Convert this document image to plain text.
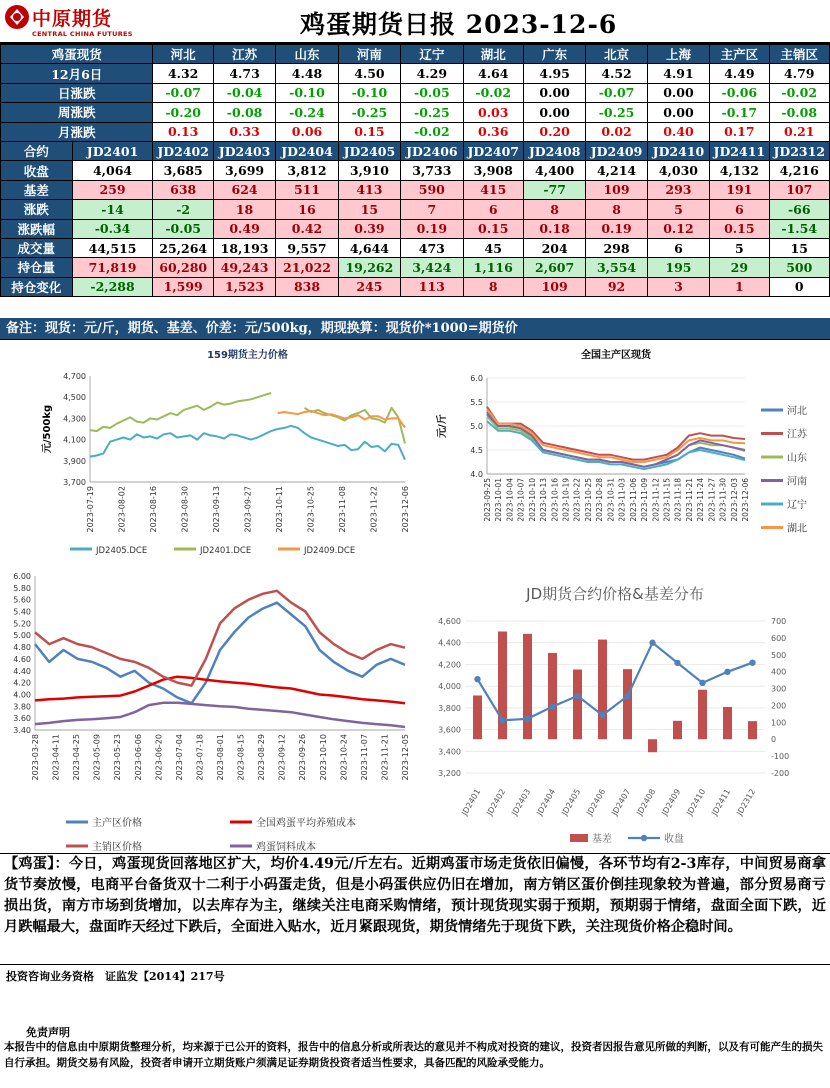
中原期货
CENTRAL CHINA FUTURES	鸡蛋期货日报 2023-12-6
鸡蛋现货		河北	江苏	山东	河南	辽宁	湖北	广东	北京	上海	主产区	主销区
12月6日		4.32	4.73	4.48	4.50	4.29	4.64	4.95	4.52	4.91	4.49	4.79
日涨跌		-0.07	-0.04	-0.10	-0.10	-0.05	-0.02	0.00	-0.07	0.00	-0.06	-0.02
周涨跌		-0.20	-0.08	-0.24	-0.25	-0.25	0.03	0.00	-0.25	0.00	-0.17	-0.08
月涨跌		0.13	0.33	0.06	0.15	-0.02	0.36	0.20	0.02	0.40	0.17	0.21
合约	JD2401	JD2402	JD2403	JD2404	JD2405	JD2406	JD2407	JD2408	JD2409	JD2410	JD2411	JD2312
收盘	4,064	3,685	3,699	3,812	3,910	3,733	3,908	4,400	4,214	4,030	4,132	4,216
基差	259	638	624	511	413	590	415	-77	109	293	191	107
涨跌	-14	-2	18	16	15	7	6	8	8	5	6	-66
涨跌幅	-0.34	-0.05	0.49	0.42	0.39	0.19	0.15	0.18	0.19	0.12	0.15	-1.54
成交量	44,515	25,264	18,193	9,557	4,644	473	45	204	298	6	5	15
持仓量	71,819	60,280	49,243	21,022	19,262	3,424	1,116	2,607	3,554	195	29	500
持仓变化	-2,288	1,599	1,523	838	245	113	8	109	92	3	1	0
备注：现货：元/斤，期货、基差、价差：元/500kg，期现换算：现货价*1000=期货价
159期货主力价格
3,700
3,900
4,100
4,300
4,500
4,700
元/500kg
2023-07-19	2023-08-02	2023-08-16	2023-08-30	2023-09-13	2023-09-27	2023-10-11	2023-10-25	2023-11-08	2023-11-22	2023-12-06
JD2405.DCE	JD2401.DCE	JD2409.DCE
全国主产区现货
4.0
4.5
5.0
5.5
6.0
元/斤
2023-09-25 2023-10-01 2023-10-04 2023-10-07 2023-10-10 2023-10-13 2023-10-16 2023-10-19 2023-10-22 2023-10-25 2023-10-28 2023-10-31 2023-11-03 2023-11-06 2023-11-09 2023-11-12 2023-11-15 2023-11-18 2023-11-21 2023-11-24 2023-11-27 2023-11-30 2023-12-03 2023-12-06
河北
江苏
山东
河南
辽宁
湖北
3.40
3.60
3.80
4.00
4.20
4.40
4.60
4.80
5.00
5.20
5.40
5.60
5.80
6.00
2023-03-28 2023-04-11 2023-04-25 2023-05-09 2023-05-23 2023-06-06 2023-06-20 2023-07-04 2023-07-18 2023-08-01 2023-08-15 2023-08-29 2023-09-12 2023-09-26 2023-10-10 2023-10-24 2023-11-07 2023-11-21 2023-12-05
主产区价格	全国鸡蛋平均养殖成本
主销区价格	鸡蛋饲料成本
JD期货合约价格&基差分布
3,200
3,400
3,600
3,800
4,000
4,200
4,400
4,600
-200
-100
0
100
200
300
400
500
600
700
JD2401 JD2402 JD2403 JD2404 JD2405 JD2406 JD2407 JD2408 JD2409 JD2410 JD2411 JD2312
基差	收盘
【鸡蛋】：今日，鸡蛋现货回落地区扩大，均价4.49元/斤左右。近期鸡蛋市场走货依旧偏慢，各环节均有2-3库存，中间贸易商拿货节奏放慢，电商平台备货双十二利于小码蛋走货，但是小码蛋供应仍旧在增加，南方销区蛋价倒挂现象较为普遍，部分贸易商亏损出货，南方市场到货增加，以去库存为主，继续关注电商采购情绪，预计现货现实弱于预期，预期弱于情绪，盘面全面下跌，近月跌幅最大，盘面昨天经过下跌后，全面进入贴水，近月紧跟现货，期货情绪先于现货下跌，关注现货价格企稳时间。
投资咨询业务资格　证监发【2014】217号
免责声明
本报告中的信息由中原期货整理分析，均来源于已公开的资料，报告中的信息分析或所表达的意见并不构成对投资的建议，投资者因报告意见所做的判断，以及有可能产生的损失自行承担。期货交易有风险，投资者申请开立期货账户须满足证券期货投资者适当性要求，具备匹配的风险承受能力。
